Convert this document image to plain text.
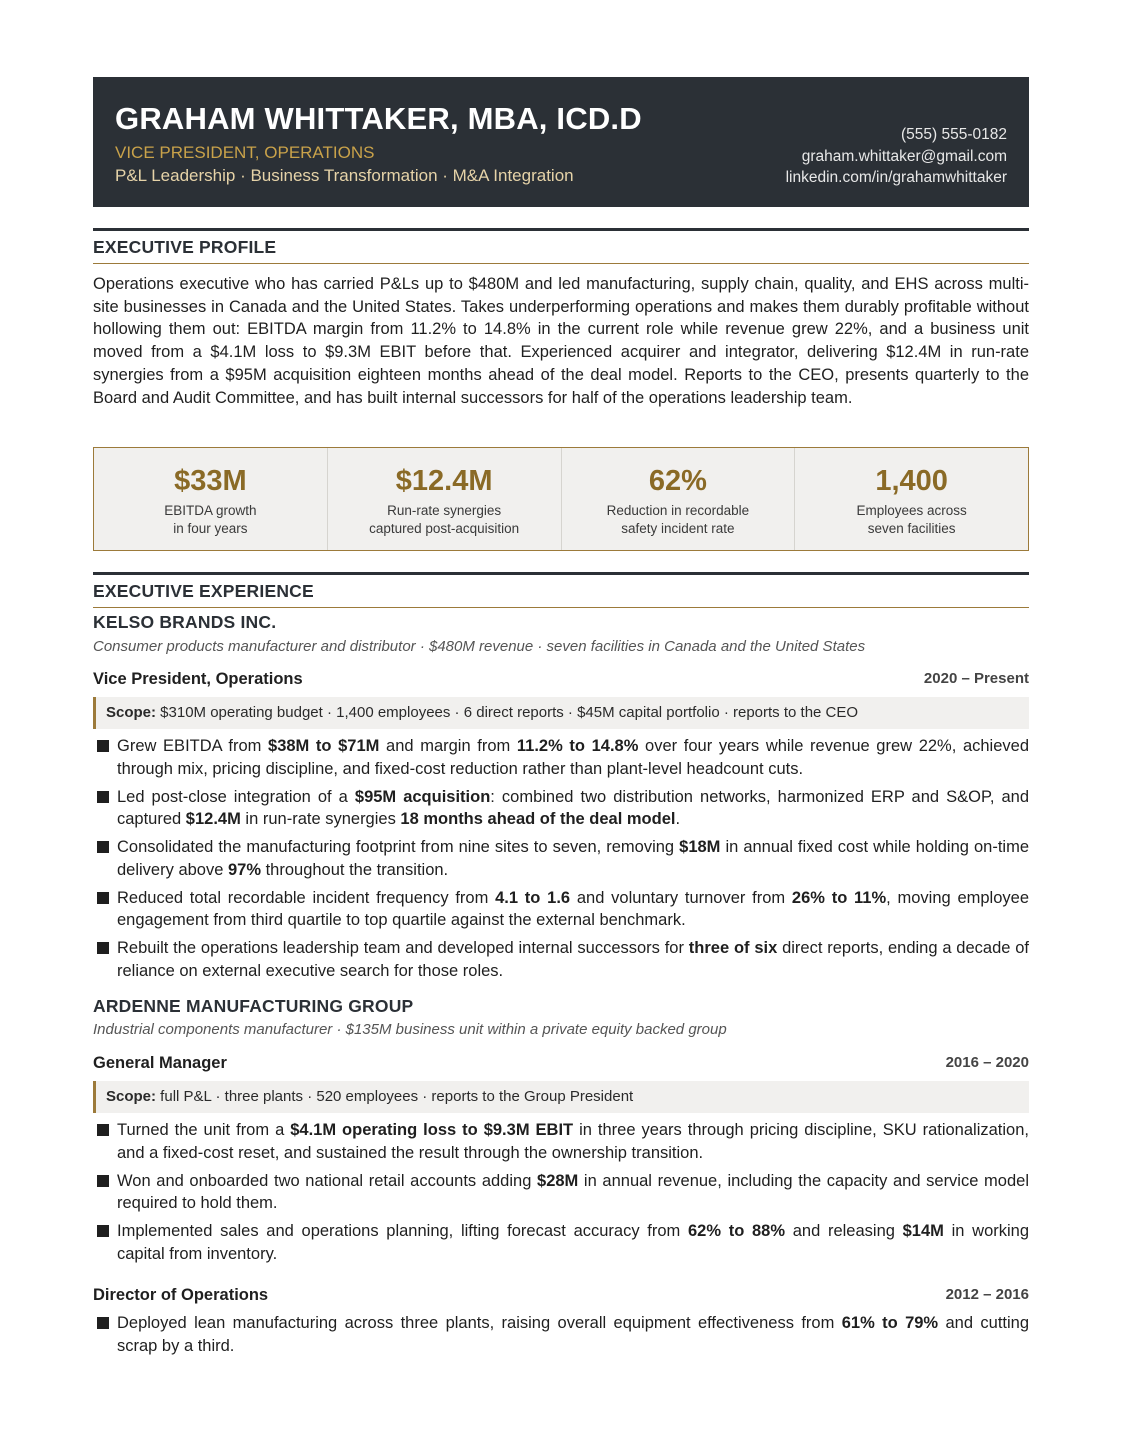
GRAHAM WHITTAKER, MBA, ICD.D
VICE PRESIDENT, OPERATIONS
P&L Leadership · Business Transformation · M&A Integration
(555) 555-0182
graham.whittaker@gmail.com
linkedin.com/in/grahamwhittaker
EXECUTIVE PROFILE
Operations executive who has carried P&Ls up to $480M and led manufacturing, supply chain, quality, and EHS across multi-site businesses in Canada and the United States. Takes underperforming operations and makes them durably profitable without hollowing them out: EBITDA margin from 11.2% to 14.8% in the current role while revenue grew 22%, and a business unit moved from a $4.1M loss to $9.3M EBIT before that. Experienced acquirer and integrator, delivering $12.4M in run-rate synergies from a $95M acquisition eighteen months ahead of the deal model. Reports to the CEO, presents quarterly to the Board and Audit Committee, and has built internal successors for half of the operations leadership team.
$33M
EBITDA growth
in four years
$12.4M
Run-rate synergies
captured post-acquisition
62%
Reduction in recordable
safety incident rate
1,400
Employees across
seven facilities
EXECUTIVE EXPERIENCE
KELSO BRANDS INC.
Consumer products manufacturer and distributor · $480M revenue · seven facilities in Canada and the United States
Vice President, Operations	2020 – Present
Scope: $310M operating budget · 1,400 employees · 6 direct reports · $45M capital portfolio · reports to the CEO
Grew EBITDA from $38M to $71M and margin from 11.2% to 14.8% over four years while revenue grew 22%, achieved through mix, pricing discipline, and fixed-cost reduction rather than plant-level headcount cuts.
Led post-close integration of a $95M acquisition: combined two distribution networks, harmonized ERP and S&OP, and captured $12.4M in run-rate synergies 18 months ahead of the deal model.
Consolidated the manufacturing footprint from nine sites to seven, removing $18M in annual fixed cost while holding on-time delivery above 97% throughout the transition.
Reduced total recordable incident frequency from 4.1 to 1.6 and voluntary turnover from 26% to 11%, moving employee engagement from third quartile to top quartile against the external benchmark.
Rebuilt the operations leadership team and developed internal successors for three of six direct reports, ending a decade of reliance on external executive search for those roles.
ARDENNE MANUFACTURING GROUP
Industrial components manufacturer · $135M business unit within a private equity backed group
General Manager	2016 – 2020
Scope: full P&L · three plants · 520 employees · reports to the Group President
Turned the unit from a $4.1M operating loss to $9.3M EBIT in three years through pricing discipline, SKU rationalization, and a fixed-cost reset, and sustained the result through the ownership transition.
Won and onboarded two national retail accounts adding $28M in annual revenue, including the capacity and service model required to hold them.
Implemented sales and operations planning, lifting forecast accuracy from 62% to 88% and releasing $14M in working capital from inventory.
Director of Operations	2012 – 2016
Deployed lean manufacturing across three plants, raising overall equipment effectiveness from 61% to 79% and cutting scrap by a third.
